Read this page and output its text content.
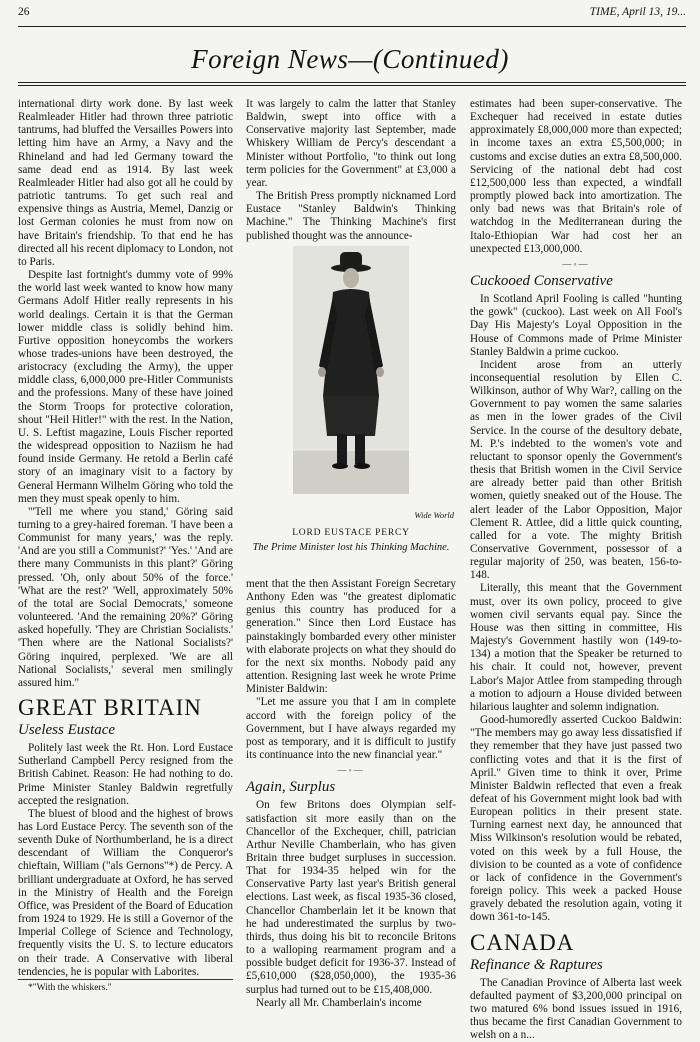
26	TIME, April 13, 19...
Foreign News—(Continued)

international dirty work done. By last week Realmleader Hitler had thrown three patriotic tantrums, had bluffed the Versailles Powers into letting him have an Army, a Navy and the Rhineland and had led Germany toward the same dead end as 1914. By last week Realmleader Hitler had also got all he could by patriotic tantrums. To get such real and expensive things as Austria, Memel, Danzig or lost German colonies he must from now on have Britain's friendship. To that end he has directed all his recent diplomacy to London, not to Paris.

Despite last fortnight's dummy vote of 99% the world last week wanted to know how many Germans Adolf Hitler really represents in his world dealings. Certain it is that the German lower middle class is solidly behind him. Furtive opposition honeycombs the workers whose trades-unions have been destroyed, the aristocracy (excluding the Army), the upper middle class, 6,000,000 pre-Hitler Communists and the professions. Many of these have joined the Storm Troops for protective coloration, shout "Heil Hitler!" with the rest. In the Nation, U. S. Leftist magazine, Louis Fischer reported the widespread opposition to Naziism he had found inside Germany. He retold a Berlin café story of an imaginary visit to a factory by General Hermann Wilhelm Göring who told the men they must speak openly to him.

"'Tell me where you stand,' Göring said turning to a grey-haired foreman. 'I have been a Communist for many years,' was the reply. 'And are you still a Communist?' 'Yes.' 'And are there many Communists in this plant?' Göring pressed. 'Oh, only about 50% of the force.' 'What are the rest?' 'Well, approximately 50% of the total are Social Democrats,' someone volunteered. 'And the remaining 20%?' Göring asked hopefully. 'They are Christian Socialists.' 'Then where are the National Socialists?' Göring inquired, perplexed. 'We are all National Socialists,' several men smilingly assured him."

GREAT BRITAIN
Useless Eustace

Politely last week the Rt. Hon. Lord Eustace Sutherland Campbell Percy resigned from the British Cabinet. Reason: He had nothing to do. Prime Minister Stanley Baldwin regretfully accepted the resignation.

The bluest of blood and the highest of brows has Lord Eustace Percy. The seventh son of the seventh Duke of Northumberland, he is a direct descendant of William the Conqueror's chieftain, William ("als Gernons"*) de Percy. A brilliant undergraduate at Oxford, he has served in the Ministry of Health and the Foreign Office, was President of the Board of Education from 1924 to 1929. He is still a Governor of the Imperial College of Science and Technology, frequently visits the U. S. to lecture educators on their trade. A Conservative with liberal tendencies, he is popular with Laborites.

*"With the whiskers."

It was largely to calm the latter that Stanley Baldwin, swept into office with a Conservative majority last September, made Whiskery William de Percy's descendant a Minister without Portfolio, "to think out long term policies for the Government" at £3,000 a year.

The British Press promptly nicknamed Lord Eustace "Stanley Baldwin's Thinking Machine." The Thinking Machine's first published thought was the announce-

Wide World
LORD EUSTACE PERCY
The Prime Minister lost his Thinking Machine.

ment that the then Assistant Foreign Secretary Anthony Eden was "the greatest diplomatic genius this country has produced for a generation." Since then Lord Eustace has painstakingly bombarded every other minister with elaborate projects on what they should do for the next six months. Nobody paid any attention. Resigning last week he wrote Prime Minister Baldwin:

"Let me assure you that I am in complete accord with the foreign policy of the Government, but I have always regarded my post as temporary, and it is difficult to justify its continuance into the new financial year."

—◦—
Again, Surplus

On few Britons does Olympian self-satisfaction sit more easily than on the Chancellor of the Exchequer, chill, patrician Arthur Neville Chamberlain, who has given Britain three budget surpluses in succession. That for 1934-35 helped win for the Conservative Party last year's British general elections. Last week, as fiscal 1935-36 closed, Chancellor Chamberlain let it be known that he had underestimated the surplus by two-thirds, thus doing his bit to reconcile Britons to a walloping rearmament program and a possible budget deficit for 1936-37. Instead of £5,610,000 ($28,050,000), the 1935-36 surplus had turned out to be £15,408,000.

Nearly all Mr. Chamberlain's income

estimates had been super-conservative. The Exchequer had received in estate duties approximately £8,000,000 more than expected; in income taxes an extra £5,500,000; in customs and excise duties an extra £8,500,000. Servicing of the national debt had cost £12,500,000 less than expected, a windfall promptly plowed back into amortization. The only bad news was that Britain's role of watchdog in the Mediterranean during the Italo-Ethiopian War had cost her an unexpected £13,000,000.

—◦—
Cuckooed Conservative

In Scotland April Fooling is called "hunting the gowk" (cuckoo). Last week on All Fool's Day His Majesty's Loyal Opposition in the House of Commons made of Prime Minister Stanley Baldwin a prime cuckoo.

Incident arose from an utterly inconsequential resolution by Ellen C. Wilkinson, author of Why War?, calling on the Government to pay women the same salaries as men in the lower grades of the Civil Service. In the course of the desultory debate, M. P.'s indebted to the women's vote and reluctant to sponsor openly the Government's thesis that British women in the Civil Service are already better paid than other British women, quietly sneaked out of the House. The alert leader of the Labor Opposition, Major Clement R. Attlee, did a little quick counting, called for a vote. The mighty British Conservative Government, possessor of a regular majority of 250, was beaten, 156-to-148.

Literally, this meant that the Government must, over its own policy, proceed to give women civil servants equal pay. Since the House was then sitting in committee, His Majesty's Government hastily won (149-to-134) a motion that the Speaker be returned to his chair. It could not, however, prevent Labor's Major Attlee from stampeding through a motion to adjourn a House divided between hilarious laughter and solemn indignation.

Good-humoredly asserted Cuckoo Baldwin: "The members may go away less dissatisfied if they remember that they have just passed two conflicting votes and that it is the first of April." Given time to think it over, Prime Minister Baldwin reflected that even a freak defeat of his Government might look bad with European politics in their present state. Turning earnest next day, he announced that Miss Wilkinson's resolution would be rebated, voted on this week by a full House, the division to be counted as a vote of confidence or lack of confidence in the Government's foreign policy. This week a packed House gravely debated the resolution again, voting it down 361-to-145.

CANADA
Refinance & Raptures

The Canadian Province of Alberta last week defaulted payment of $3,200,000 principal on two matured 6% bond issues issued in 1916, thus became the first Canadian Government to welsh on a n...
